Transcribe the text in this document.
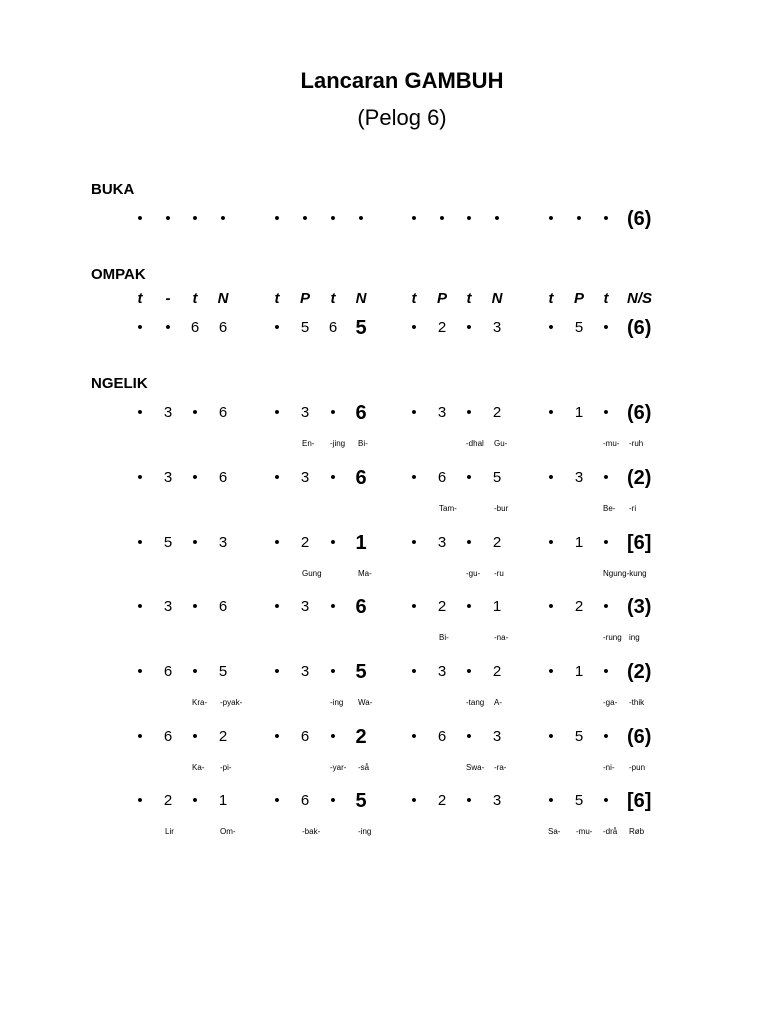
Lancaran GAMBUH
(Pelog 6)
BUKA
•	•	•	•	•	•	•	•	•	•	•	•	•	•	• (6)
OMPAK
t	-	t	N	t	P	t	N	t	P	t	N	t	P	t	N/S
•	•	6	6	•	5	6 5	•	2	•	3	•	5	• (6)
NGELIK
•	3	•	6	•	3	• 6	•	3	•	2	•	1	• (6)
En- -jing Bi-	-dhal Gu-	-mu- -ruh
•	3	•	6	•	3	• 6	•	6	•	5	•	3	• (2)
Tam-	-bur	Be- -ri
•	5	•	3	•	2	• 1	•	3	•	2	•	1	• [6]
Gung	Ma-	-gu- -ru	Ngung-kung
•	3	•	6	•	3	• 6	•	2	•	1	•	2	• (3)
Bi-	-na-	-rung ing
•	6	•	5	•	3	• 5	•	3	•	2	•	1	• (2)
Kra- -pyak-	-ing Wa-	-tang A-	-ga- -thik
•	6	•	2	•	6	• 2	•	6	•	3	•	5	• (6)
Ka- -pi-	-yar- -så	Swa- -ra-	-ni- -pun
•	2	•	1	•	6	• 5	•	2	•	3	•	5	• [6]
Lir	Om-	-bak-	-ing	Sa- -mu- -drå Røb
